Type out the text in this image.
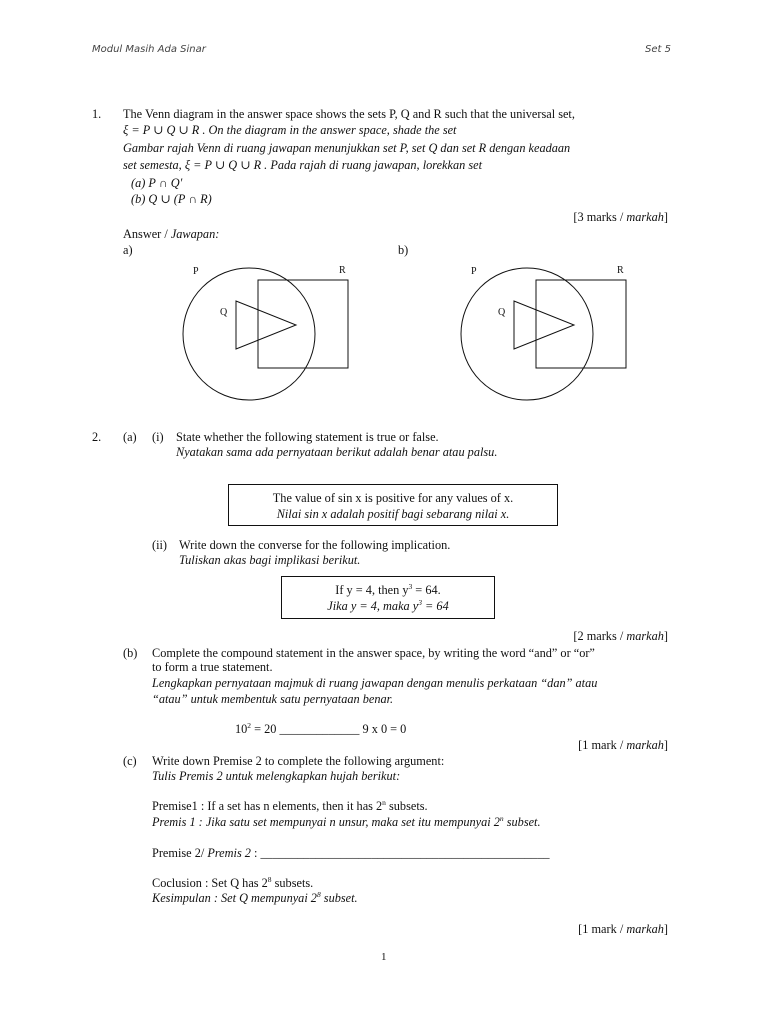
Modul Masih Ada Sinar	Set 5
1. The Venn diagram in the answer space shows the sets P, Q and R such that the universal set,
ξ = P ∪ Q ∪ R . On the diagram in the answer space, shade the set
Gambar rajah Venn di ruang jawapan menunjukkan set P, set Q dan set R dengan keadaan
set semesta, ξ = P ∪ Q ∪ R . Pada rajah di ruang jawapan, lorekkan set
(a) P ∩ Q′
(b) Q ∪ (P ∩ R)
[3 marks / markah]
Answer / Jawapan:
a)	b)
P	R
Q
P	R
Q
2. (a) (i) State whether the following statement is true or false.
Nyatakan sama ada pernyataan berikut adalah benar atau palsu.
The value of sin x is positive for any values of x.
Nilai sin x adalah positif bagi sebarang nilai x.
(ii) Write down the converse for the following implication.
Tuliskan akas bagi implikasi berikut.
If y = 4, then $y^3 = 64$.
Jika y = 4, maka $y^3 = 64$
[2 marks / markah]
(b) Complete the compound statement in the answer space, by writing the word “and” or “or”
to form a true statement.
Lengkapkan pernyataan majmuk di ruang jawapan dengan menulis perkataan “dan” atau
“atau” untuk membentuk satu pernyataan benar.
$10^2 = 20$ _____________ 9 x 0 = 0
[1 mark / markah]
(c) Write down Premise 2 to complete the following argument:
Tulis Premis 2 untuk melengkapkan hujah berikut:
Premise1 : If a set has n elements, then it has 2$^n$ subsets.
Premis 1 : Jika satu set mempunyai n unsur, maka set itu mempunyai 2$^n$ subset.
Premise 2/ Premis 2 : _______________________________________________
Coclusion : Set Q has $2^8$ subsets.
Kesimpulan : Set Q mempunyai $2^8$ subset.
[1 mark / markah]
1
